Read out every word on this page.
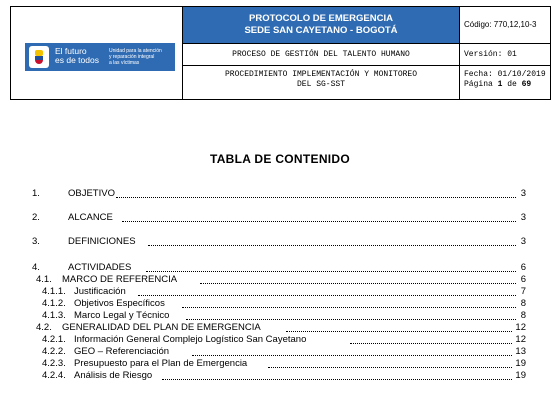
El futuro
es de todos
Unidad para la atención
y reparación integral
a las víctimas
PROTOCOLO DE EMERGENCIA
SEDE SAN CAYETANO - BOGOTÁ
PROCESO DE GESTIÓN DEL TALENTO HUMANO
PROCEDIMIENTO IMPLEMENTACIÓN Y MONITOREO
DEL SG-SST
Código: 770,12,10-3
Versión: 01
Fecha: 01/10/2019
Página 1 de 69
TABLA DE CONTENIDO
1.	OBJETIVO	3
2.	ALCANCE	3
3.	DEFINICIONES	3
4.	ACTIVIDADES	6
4.1. MARCO DE REFERENCIA	6
4.1.1. Justificación	7
4.1.2. Objetivos Específicos	8
4.1.3. Marco Legal y Técnico	8
4.2. GENERALIDAD DEL PLAN DE EMERGENCIA	12
4.2.1. Información General Complejo Logístico San Cayetano	12
4.2.2. GEO – Referenciación	13
4.2.3. Presupuesto para el Plan de Emergencia	19
4.2.4. Análisis de Riesgo	19
